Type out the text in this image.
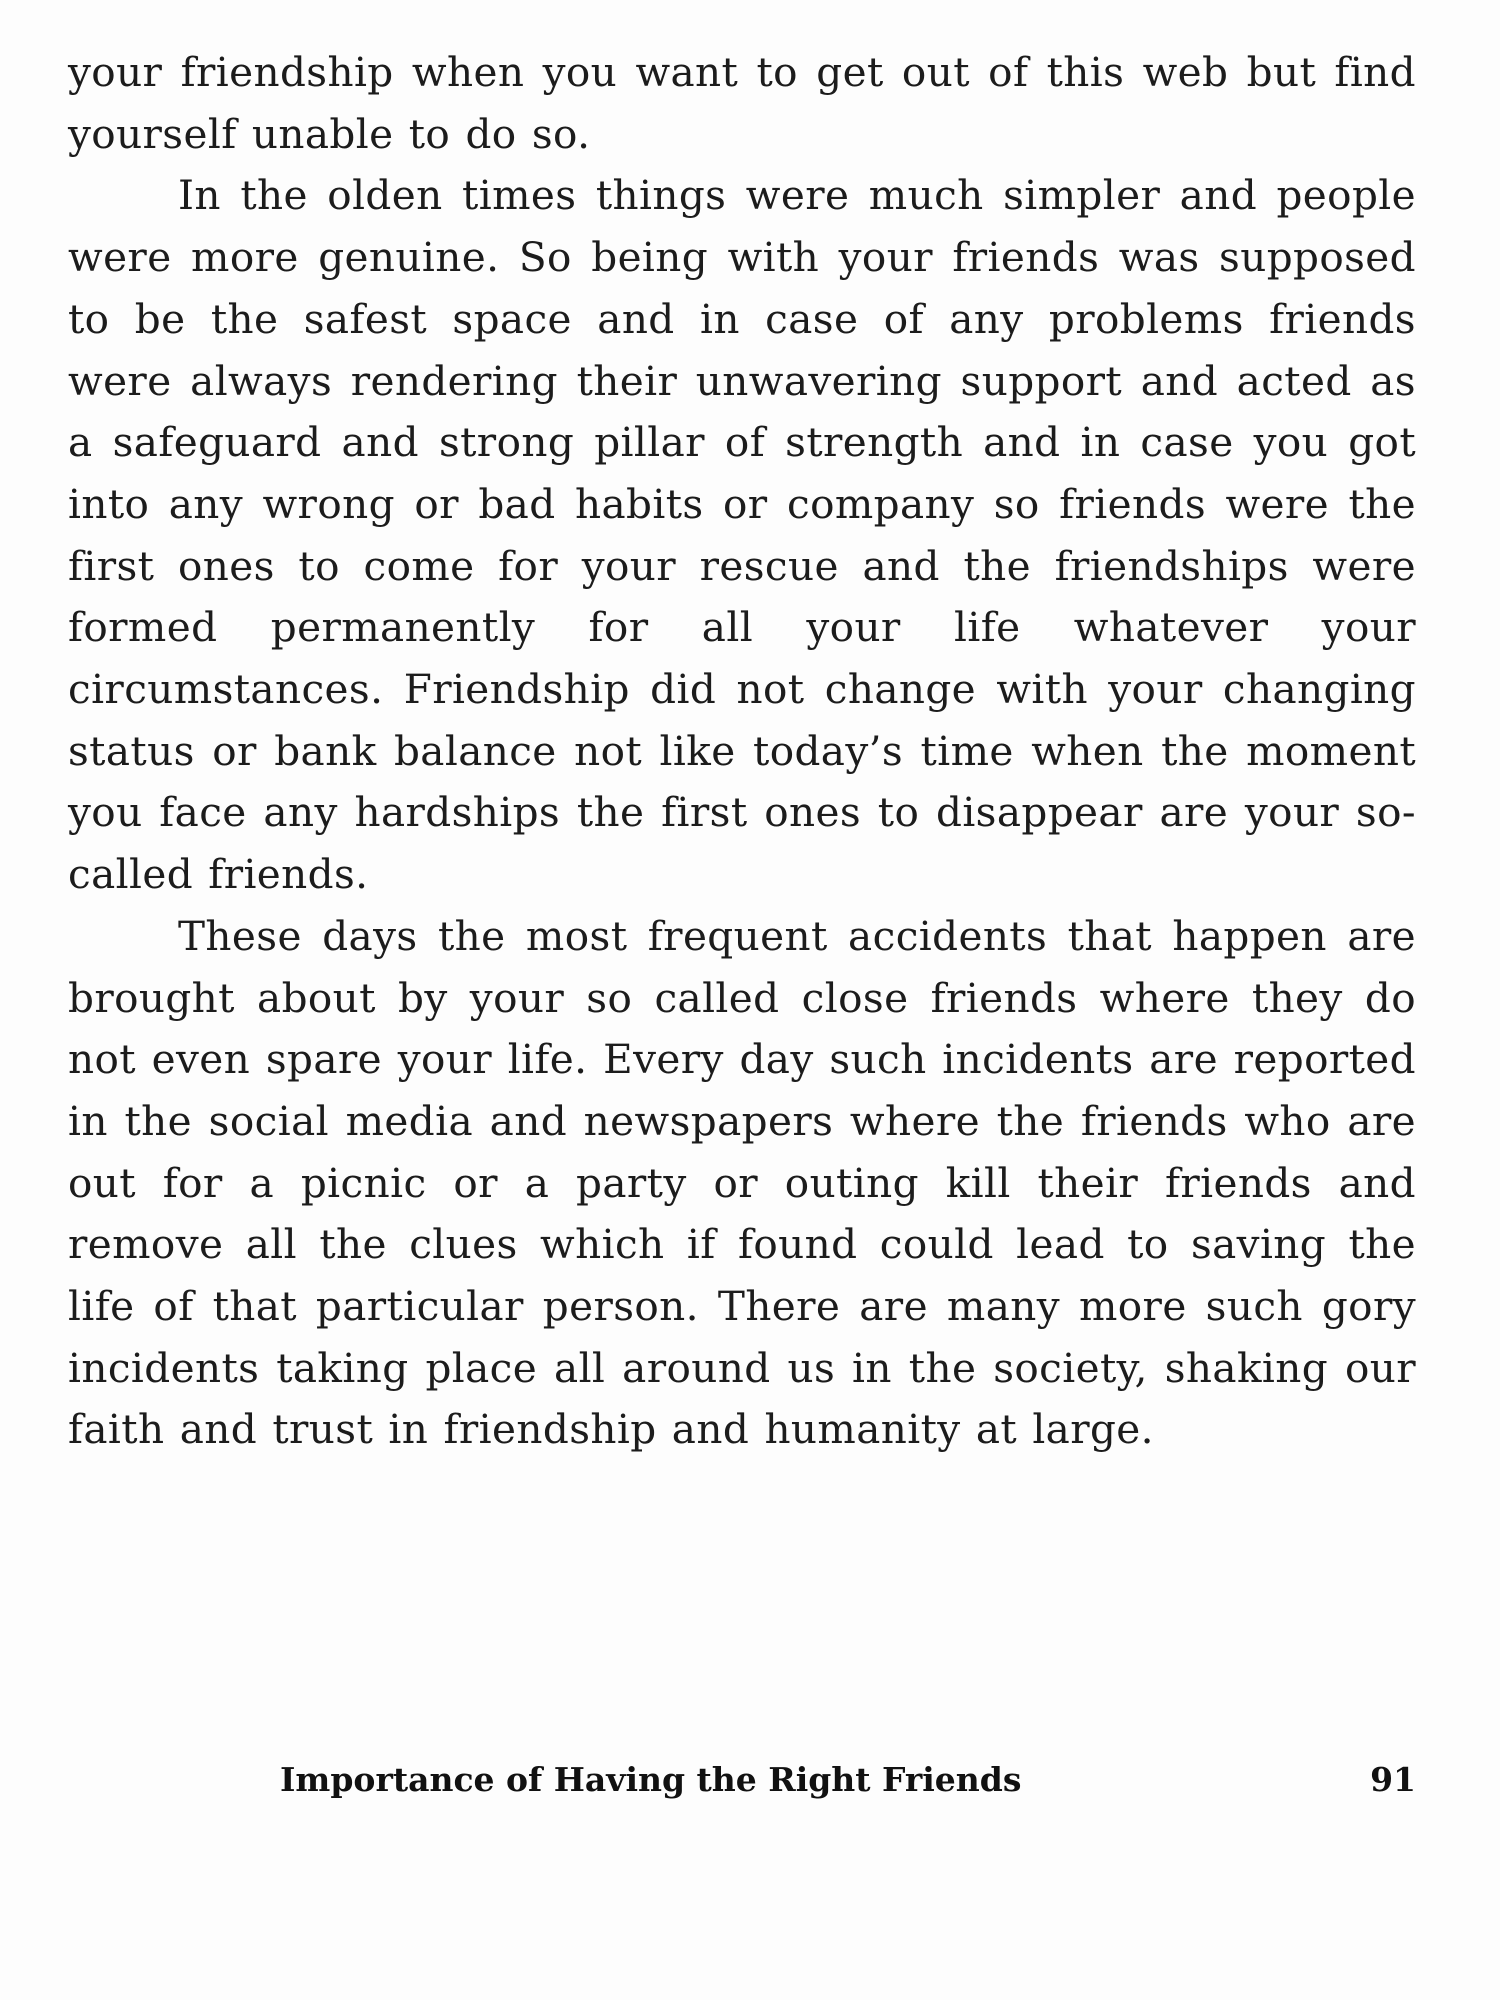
your friendship when you want to get out of this web but find yourself unable to do so.

In the olden times things were much simpler and people were more genuine. So being with your friends was supposed to be the safest space and in case of any problems friends were always rendering their unwavering support and acted as a safeguard and strong pillar of strength and in case you got into any wrong or bad habits or company so friends were the first ones to come for your rescue and the friendships were formed permanently for all your life whatever your circumstances. Friendship did not change with your changing status or bank balance not like today’s time when the moment you face any hardships the first ones to disappear are your so-called friends.

These days the most frequent accidents that happen are brought about by your so called close friends where they do not even spare your life. Every day such incidents are reported in the social media and newspapers where the friends who are out for a picnic or a party or outing kill their friends and remove all the clues which if found could lead to saving the life of that particular person. There are many more such gory incidents taking place all around us in the society, shaking our faith and trust in friendship and humanity at large.

Importance of Having the Right Friends	91
